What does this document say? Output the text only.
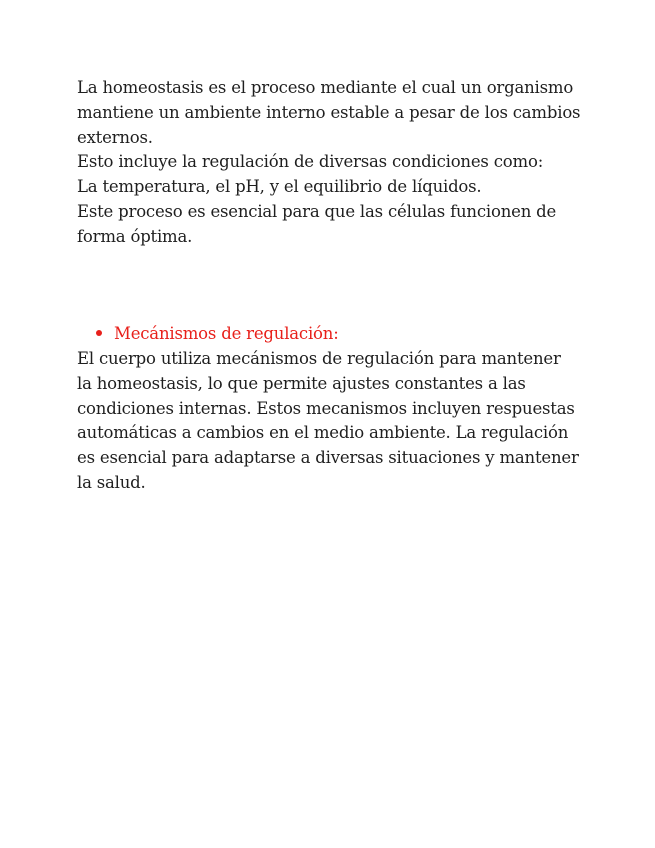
La homeostasis es el proceso mediante el cual un organismo
mantiene un ambiente interno estable a pesar de los cambios
externos.
Esto incluye la regulación de diversas condiciones como:
La temperatura, el pH, y el equilibrio de líquidos.
Este proceso es esencial para que las células funcionen de
forma óptima.
Mecánismos de regulación:
El cuerpo utiliza mecánismos de regulación para mantener
la homeostasis, lo que permite ajustes constantes a las
condiciones internas. Estos mecanismos incluyen respuestas
automáticas a cambios en el medio ambiente. La regulación
es esencial para adaptarse a diversas situaciones y mantener
la salud.
